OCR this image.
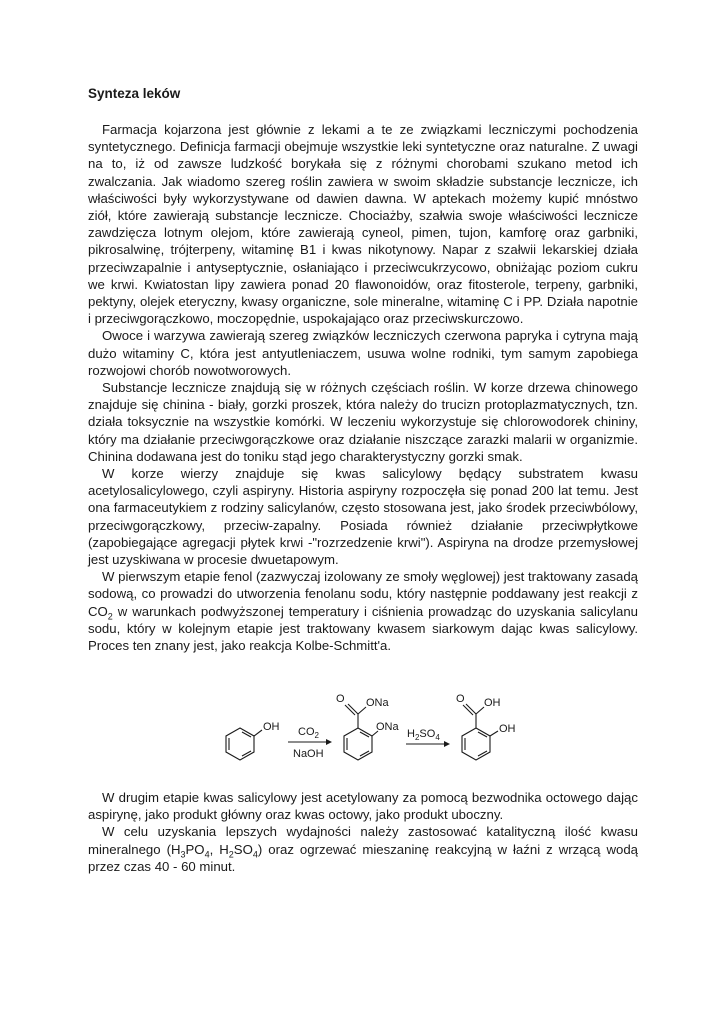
Synteza leków

Farmacja kojarzona jest głównie z lekami a te ze związkami leczniczymi pochodzenia syntetycznego. Definicja farmacji obejmuje wszystkie leki syntetyczne oraz naturalne. Z uwagi na to, iż od zawsze ludzkość borykała się z różnymi chorobami szukano metod ich zwalczania. Jak wiadomo szereg roślin zawiera w swoim składzie substancje lecznicze, ich właściwości były wykorzystywane od dawien dawna. W aptekach możemy kupić mnóstwo ziół, które zawierają substancje lecznicze. Chociażby, szałwia swoje właściwości lecznicze zawdzięcza lotnym olejom, które zawierają cyneol, pimen, tujon, kamforę oraz garbniki, pikrosalwinę, trójterpeny, witaminę B1 i kwas nikotynowy. Napar z szałwii lekarskiej działa przeciwzapalnie i antyseptycznie, osłaniająco i przeciwcukrzycowo, obniżając poziom cukru we krwi. Kwiatostan lipy zawiera ponad 20 flawonoidów, oraz fitosterole, terpeny, garbniki, pektyny, olejek eteryczny, kwasy organiczne, sole mineralne, witaminę C i PP. Działa napotnie i przeciwgorączkowo, moczopędnie, uspokajająco oraz przeciwskurczowo.

Owoce i warzywa zawierają szereg związków leczniczych czerwona papryka i cytryna mają dużo witaminy C, która jest antyutleniaczem, usuwa wolne rodniki, tym samym zapobiega rozwojowi chorób nowotworowych.

Substancje lecznicze znajdują się w różnych częściach roślin. W korze drzewa chinowego znajduje się chinina - biały, gorzki proszek, która należy do trucizn protoplazmatycznych, tzn. działa toksycznie na wszystkie komórki. W leczeniu wykorzystuje się chlorowodorek chininy, który ma działanie przeciwgorączkowe oraz działanie niszczące zarazki malarii w organizmie. Chinina dodawana jest do toniku stąd jego charakterystyczny gorzki smak.

W korze wierzy znajduje się kwas salicylowy będący substratem kwasu acetylosalicylowego, czyli aspiryny. Historia aspiryny rozpoczęła się ponad 200 lat temu. Jest ona farmaceutykiem z rodziny salicylanów, często stosowana jest, jako środek przeciwbólowy, przeciwgorączkowy, przeciw-zapalny. Posiada również działanie przeciwpłytkowe (zapobiegające agregacji płytek krwi -"rozrzedzenie krwi"). Aspiryna na drodze przemysłowej jest uzyskiwana w procesie dwuetapowym.

W pierwszym etapie fenol (zazwyczaj izolowany ze smoły węglowej) jest traktowany zasadą sodową, co prowadzi do utworzenia fenolanu sodu, który następnie poddawany jest reakcji z $CO_2$ w warunkach podwyższonej temperatury i ciśnienia prowadząc do uzyskania salicylanu sodu, który w kolejnym etapie jest traktowany kwasem siarkowym dając kwas salicylowy. Proces ten znany jest, jako reakcja Kolbe-Schmitt'a.

OH $CO_2$
NaOH
O ONa
ONa
$H_2SO_4$
O OH
OH

W drugim etapie kwas salicylowy jest acetylowany za pomocą bezwodnika octowego dając aspirynę, jako produkt główny oraz kwas octowy, jako produkt uboczny.

W celu uzyskania lepszych wydajności należy zastosować katalityczną ilość kwasu mineralnego ($H_3PO_4$, $H_2SO_4$) oraz ogrzewać mieszaninę reakcyjną w łaźni z wrzącą wodą przez czas 40 - 60 minut.
